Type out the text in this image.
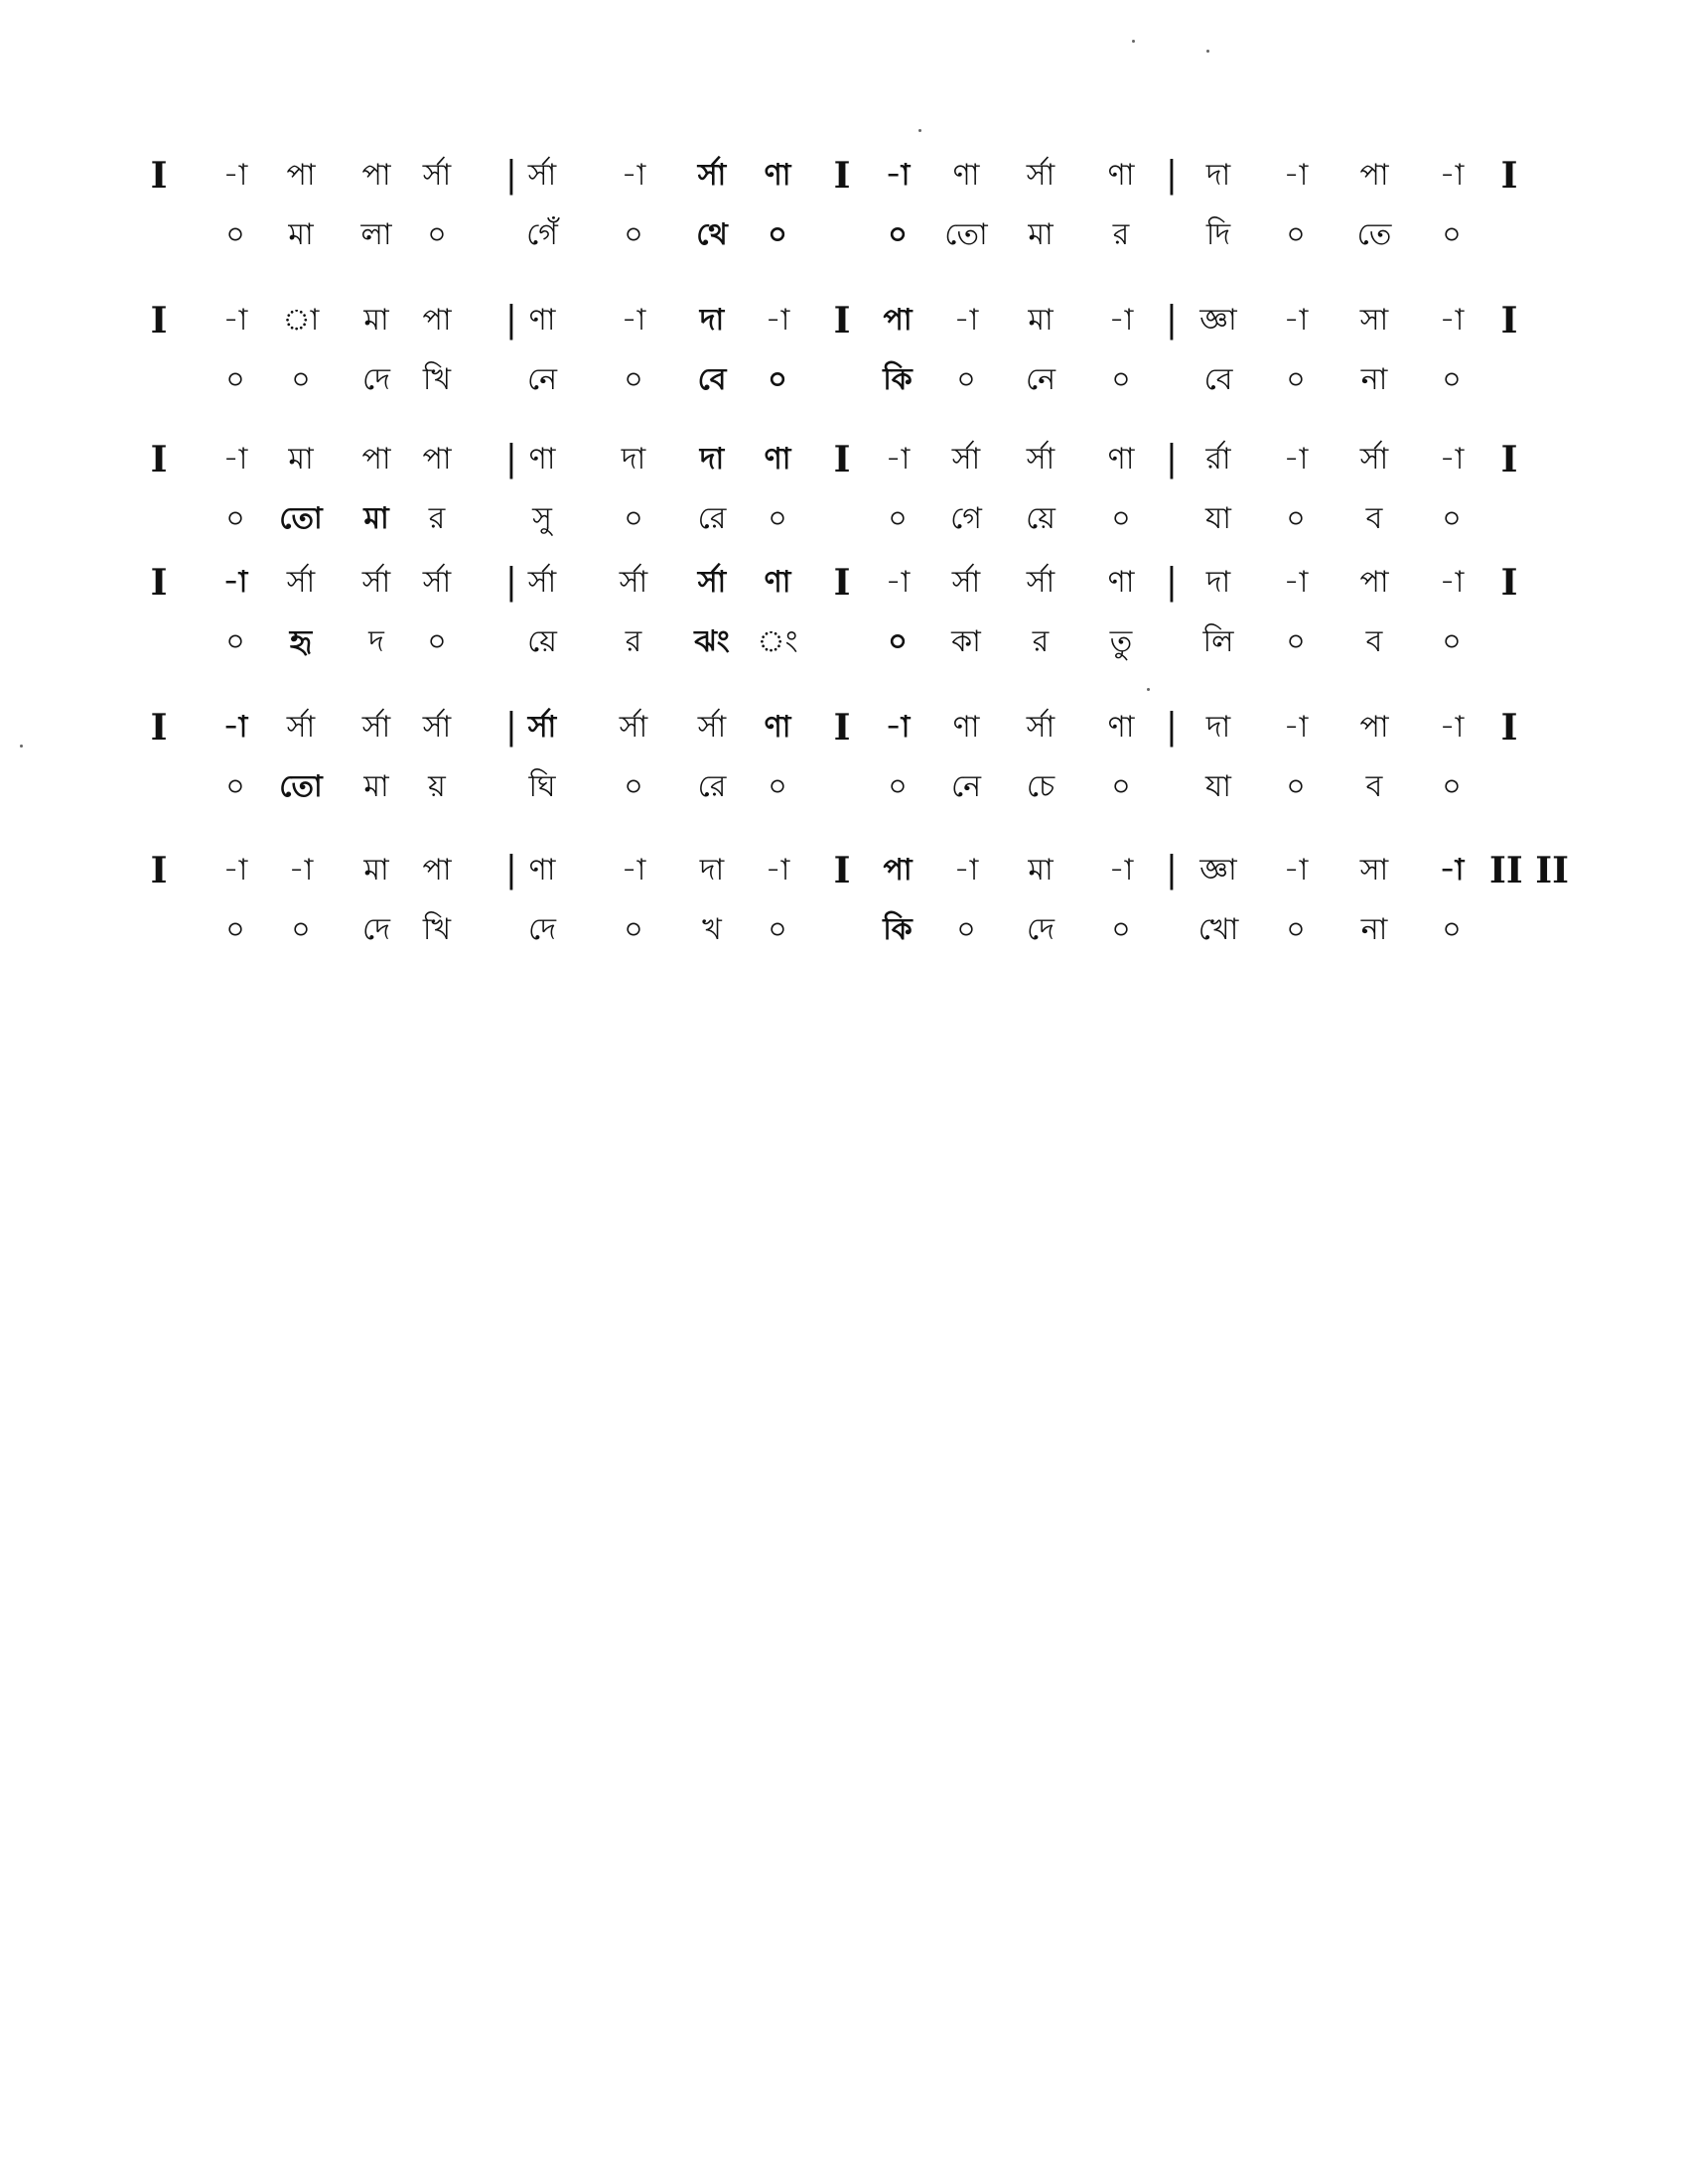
I	|	I	|	I
-া	পা	পা	র্সা	র্সা	-া	র্সা	ণা	-া	ণা	র্সা	ণা	দা	-া	পা	-া
০	মা	লা	০	গেঁ	০	থে	০	০	তো	মা	র	দি	০	তে	০
I	|	I	|	I
-া	া	মা	পা	ণা	-া	দা	-া	পা	-া	মা	-া	জ্ঞা	-া	সা	-া
০	০	দে	খি	নে	০	বে	০	কি	০	নে	০	বে	০	না	০
I	|	I	|	I
-া	মা	পা	পা	ণা	দা	দা	ণা	-া	র্সা	র্সা	ণা	র্রা	-া	র্সা	-া
০	তো	মা	র	সু	০	রে	০	০	গে	য়ে	০	যা	০	ব	০
I	|	I	|	I
-া	র্সা	র্সা	র্সা	র্সা	র্সা	র্সা	ণা	-া	র্সা	র্সা	ণা	দা	-া	পা	-া
০	হৃ	দ	০	য়ে	র	ঝং ং	০	কা	র	তু	লি	০	ব	০
I	|	I	|	I
-া	র্সা	র্সা	র্সা	র্সা	র্সা	র্সা	ণা	-া	ণা	র্সা	ণা	দা	-া	পা	-া
০	তো	মা	য়	ঘি	০	রে	০	০	নে	চে	০	যা	০	ব	০
I	|	I	|	II II
-া	-া	মা	পা	ণা	-া	দা	-া	পা	-া	মা	-া	জ্ঞা	-া	সা	-া
০	০	দে	খি	দে	০	খ	০	কি	০	দে	০	খো	০	না	০
